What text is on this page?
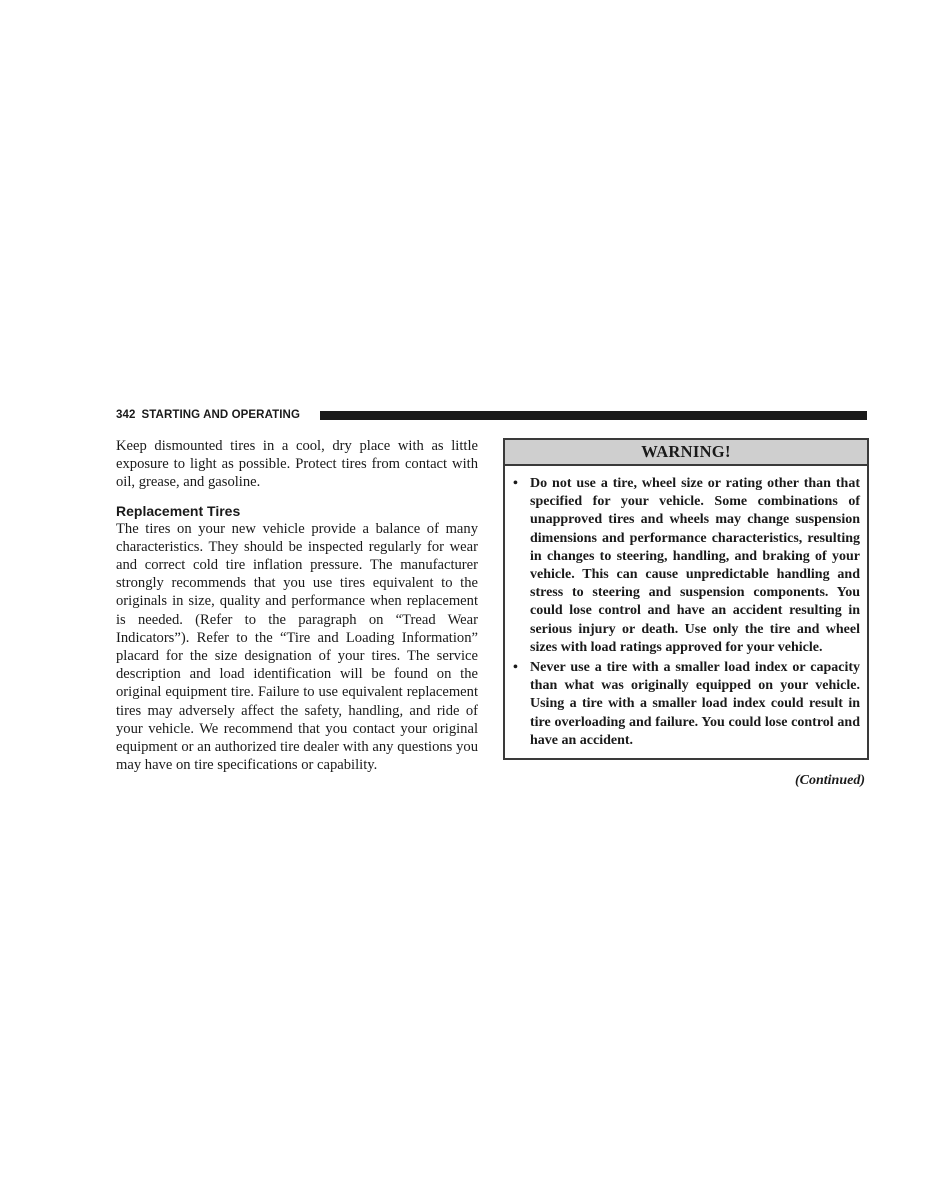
342 STARTING AND OPERATING

Keep dismounted tires in a cool, dry place with as little exposure to light as possible. Protect tires from contact with oil, grease, and gasoline.

Replacement Tires

The tires on your new vehicle provide a balance of many characteristics. They should be inspected regularly for wear and correct cold tire inflation pressure. The manufacturer strongly recommends that you use tires equivalent to the originals in size, quality and performance when replacement is needed. (Refer to the paragraph on “Tread Wear Indicators”). Refer to the “Tire and Loading Information” placard for the size designation of your tires. The service description and load identification will be found on the original equipment tire. Failure to use equivalent replacement tires may adversely affect the safety, handling, and ride of your vehicle. We recommend that you contact your original equipment or an authorized tire dealer with any questions you may have on tire specifications or capability.

WARNING!
• Do not use a tire, wheel size or rating other than that specified for your vehicle. Some combinations of unapproved tires and wheels may change suspension dimensions and performance characteristics, resulting in changes to steering, handling, and braking of your vehicle. This can cause unpredictable handling and stress to steering and suspension components. You could lose control and have an accident resulting in serious injury or death. Use only the tire and wheel sizes with load ratings approved for your vehicle.
• Never use a tire with a smaller load index or capacity than what was originally equipped on your vehicle. Using a tire with a smaller load index could result in tire overloading and failure. You could lose control and have an accident.
(Continued)
